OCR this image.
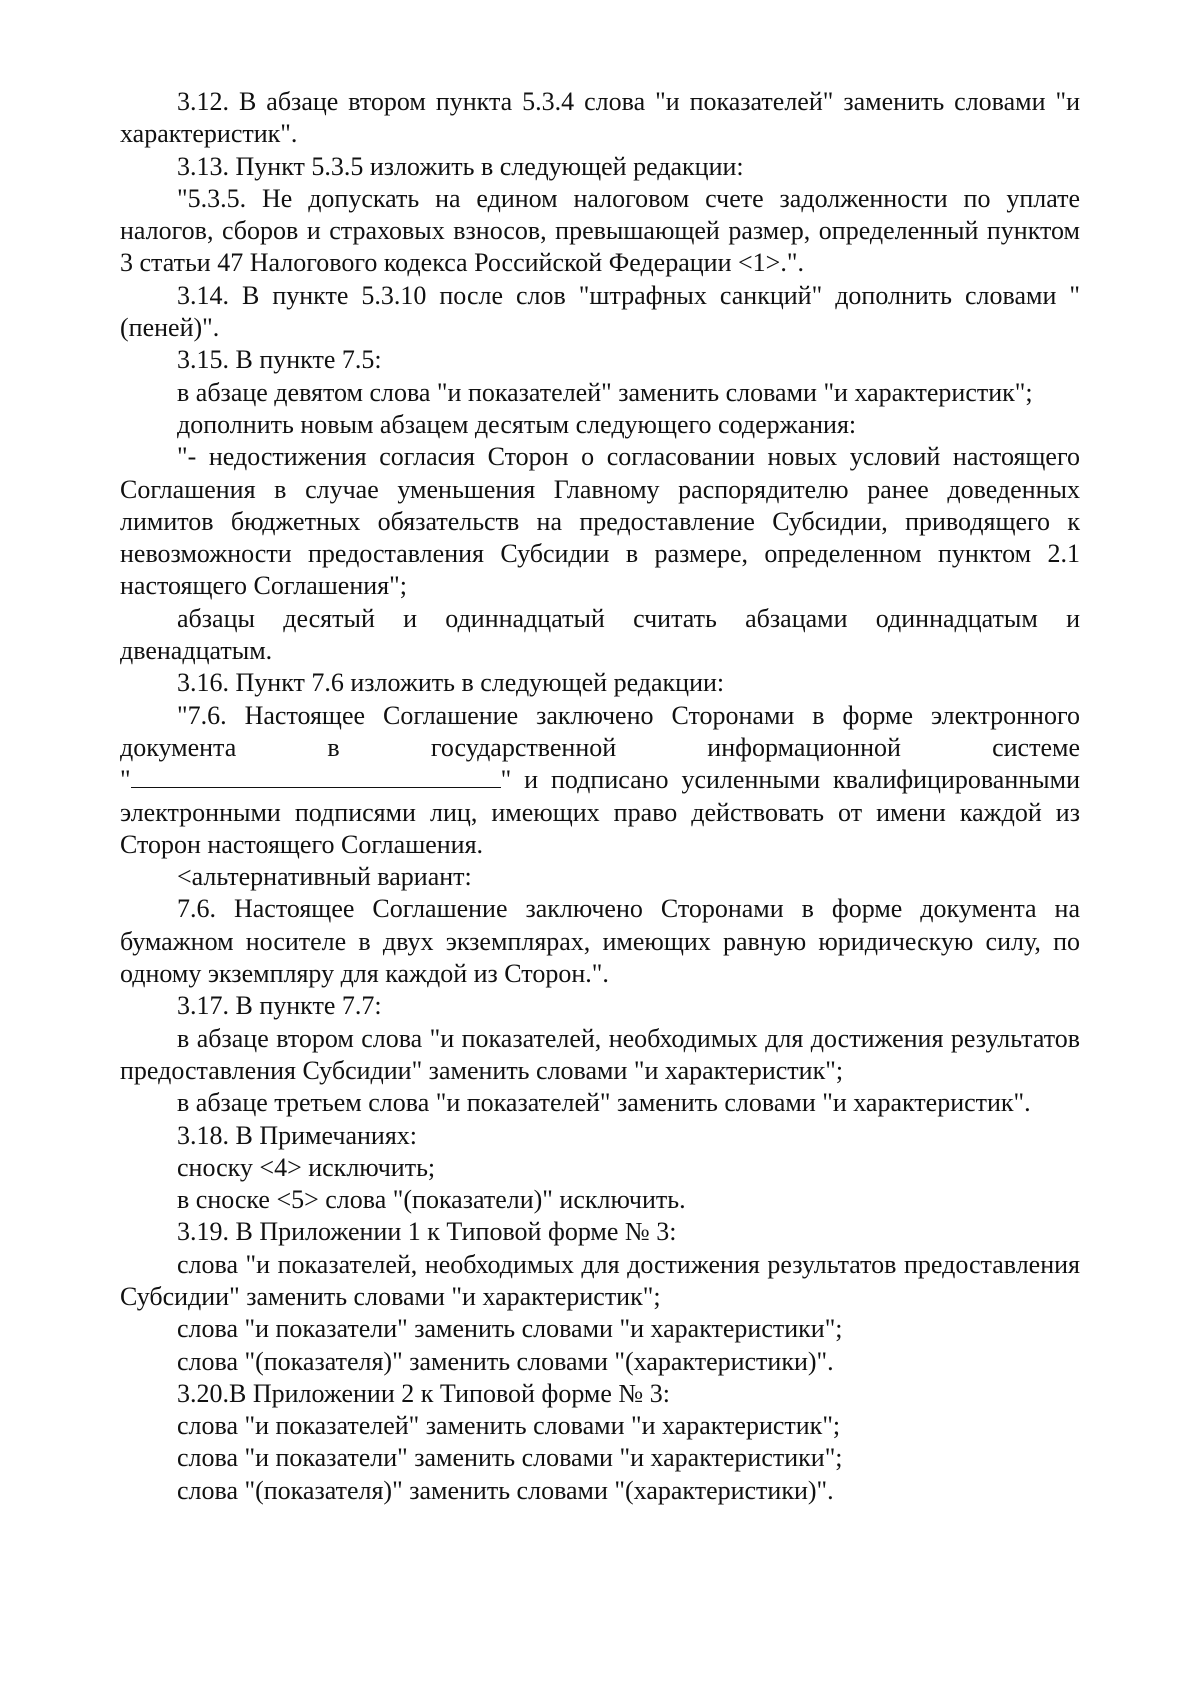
3.12. В абзаце втором пункта 5.3.4 слова "и показателей" заменить словами "и характеристик".

3.13. Пункт 5.3.5 изложить в следующей редакции:

"5.3.5. Не допускать на едином налоговом счете задолженности по уплате налогов, сборов и страховых взносов, превышающей размер, определенный пунктом 3 статьи 47 Налогового кодекса Российской Федерации <1>.".

3.14. В пункте 5.3.10 после слов "штрафных санкций" дополнить словами "(пеней)".

3.15. В пункте 7.5:

в абзаце девятом слова "и показателей" заменить словами "и характеристик";

дополнить новым абзацем десятым следующего содержания:

"- недостижения согласия Сторон о согласовании новых условий настоящего Соглашения в случае уменьшения Главному распорядителю ранее доведенных лимитов бюджетных обязательств на предоставление Субсидии, приводящего к невозможности предоставления Субсидии в размере, определенном пунктом 2.1 настоящего Соглашения";

абзацы десятый и одиннадцатый считать абзацами одиннадцатым и двенадцатым.

3.16. Пункт 7.6 изложить в следующей редакции:

"7.6. Настоящее Соглашение заключено Сторонами в форме электронного
документа в государственной информационной системе
"	" и подписано усиленными квалифицированными

электронными подписями лиц, имеющих право действовать от имени каждой из Сторон настоящего Соглашения.

<альтернативный вариант:

7.6. Настоящее Соглашение заключено Сторонами в форме документа на бумажном носителе в двух экземплярах, имеющих равную юридическую силу, по одному экземпляру для каждой из Сторон.".

3.17. В пункте 7.7:

в абзаце втором слова "и показателей, необходимых для достижения результатов предоставления Субсидии" заменить словами "и характеристик";

в абзаце третьем слова "и показателей" заменить словами "и характеристик".

3.18. В Примечаниях:

сноску <4> исключить;

в сноске <5> слова "(показатели)" исключить.

3.19. В Приложении 1 к Типовой форме № 3:

слова "и показателей, необходимых для достижения результатов предоставления Субсидии" заменить словами "и характеристик";

слова "и показатели" заменить словами "и характеристики";

слова "(показателя)" заменить словами "(характеристики)".

3.20.В Приложении 2 к Типовой форме № 3:

слова "и показателей" заменить словами "и характеристик";

слова "и показатели" заменить словами "и характеристики";

слова "(показателя)" заменить словами "(характеристики)".
